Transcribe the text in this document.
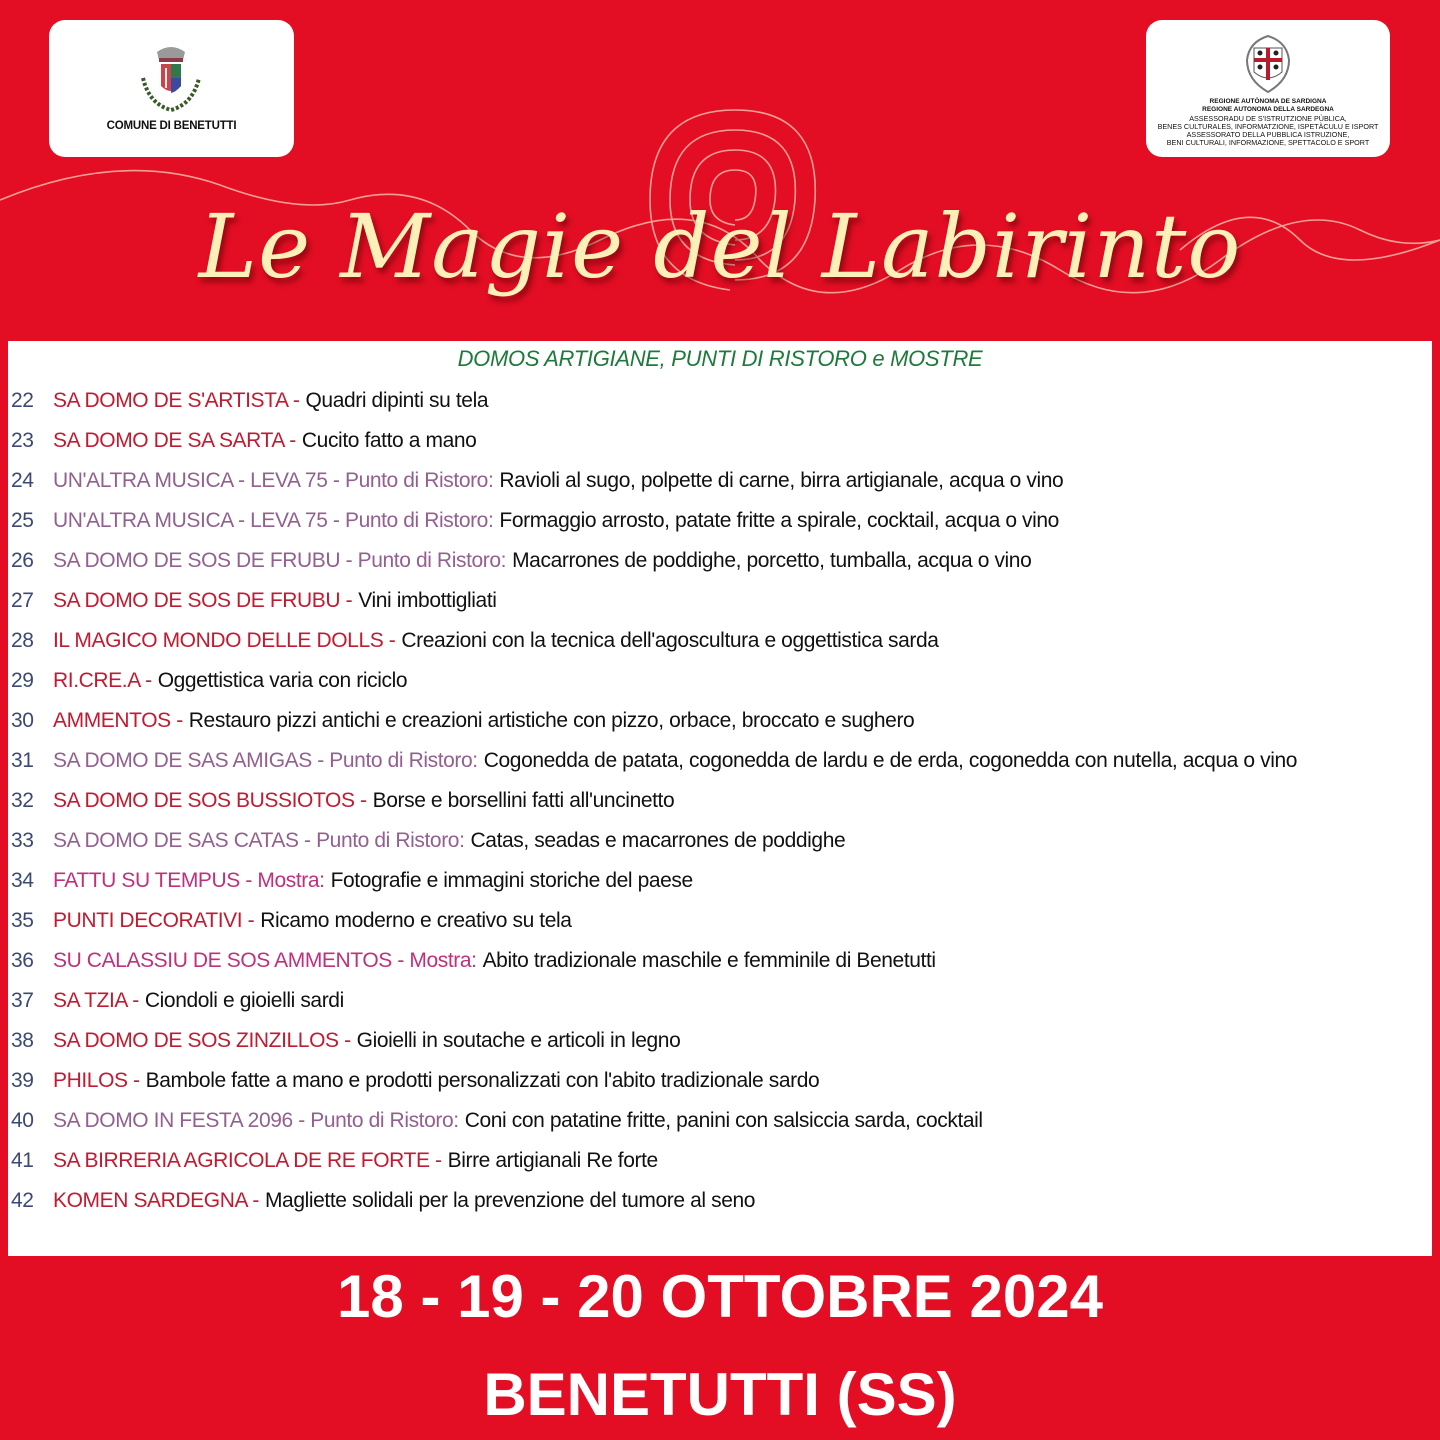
COMUNE DI BENETUTTI
REGIONE AUTÒNOMA DE SARDIGNA
REGIONE AUTONOMA DELLA SARDEGNA
ASSESSORADU DE S'ISTRUTZIONE PÙBLICA,
BENES CULTURALES, INFORMATZIONE, ISPETÀCULU E ISPORT
ASSESSORATO DELLA PUBBLICA ISTRUZIONE,
BENI CULTURALI, INFORMAZIONE, SPETTACOLO E SPORT
Le Magie del Labirinto
DOMOS ARTIGIANE, PUNTI DI RISTORO e MOSTRE
22 SA DOMO DE S'ARTISTA - Quadri dipinti su tela
23 SA DOMO DE SA SARTA - Cucito fatto a mano
24 UN'ALTRA MUSICA - LEVA 75 - Punto di Ristoro: Ravioli al sugo, polpette di carne, birra artigianale, acqua o vino
25 UN'ALTRA MUSICA - LEVA 75 - Punto di Ristoro: Formaggio arrosto, patate fritte a spirale, cocktail, acqua o vino
26 SA DOMO DE SOS DE FRUBU - Punto di Ristoro: Macarrones de poddighe, porcetto, tumballa, acqua o vino
27 SA DOMO DE SOS DE FRUBU - Vini imbottigliati
28 IL MAGICO MONDO DELLE DOLLS - Creazioni con la tecnica dell'agoscultura e oggettistica sarda
29 RI.CRE.A - Oggettistica varia con riciclo
30 AMMENTOS - Restauro pizzi antichi e creazioni artistiche con pizzo, orbace, broccato e sughero
31 SA DOMO DE SAS AMIGAS - Punto di Ristoro: Cogonedda de patata, cogonedda de lardu e de erda, cogonedda con nutella, acqua o vino
32 SA DOMO DE SOS BUSSIOTOS - Borse e borsellini fatti all'uncinetto
33 SA DOMO DE SAS CATAS - Punto di Ristoro: Catas, seadas e macarrones de poddighe
34 FATTU SU TEMPUS - Mostra: Fotografie e immagini storiche del paese
35 PUNTI DECORATIVI - Ricamo moderno e creativo su tela
36 SU CALASSIU DE SOS AMMENTOS - Mostra: Abito tradizionale maschile e femminile di Benetutti
37 SA TZIA - Ciondoli e gioielli sardi
38 SA DOMO DE SOS ZINZILLOS - Gioielli in soutache e articoli in legno
39 PHILOS - Bambole fatte a mano e prodotti personalizzati con l'abito tradizionale sardo
40 SA DOMO IN FESTA 2096 - Punto di Ristoro: Coni con patatine fritte, panini con salsiccia sarda, cocktail
41 SA BIRRERIA AGRICOLA DE RE FORTE - Birre artigianali Re forte
42 KOMEN SARDEGNA - Magliette solidali per la prevenzione del tumore al seno
18 - 19 - 20 OTTOBRE 2024
BENETUTTI (SS)
